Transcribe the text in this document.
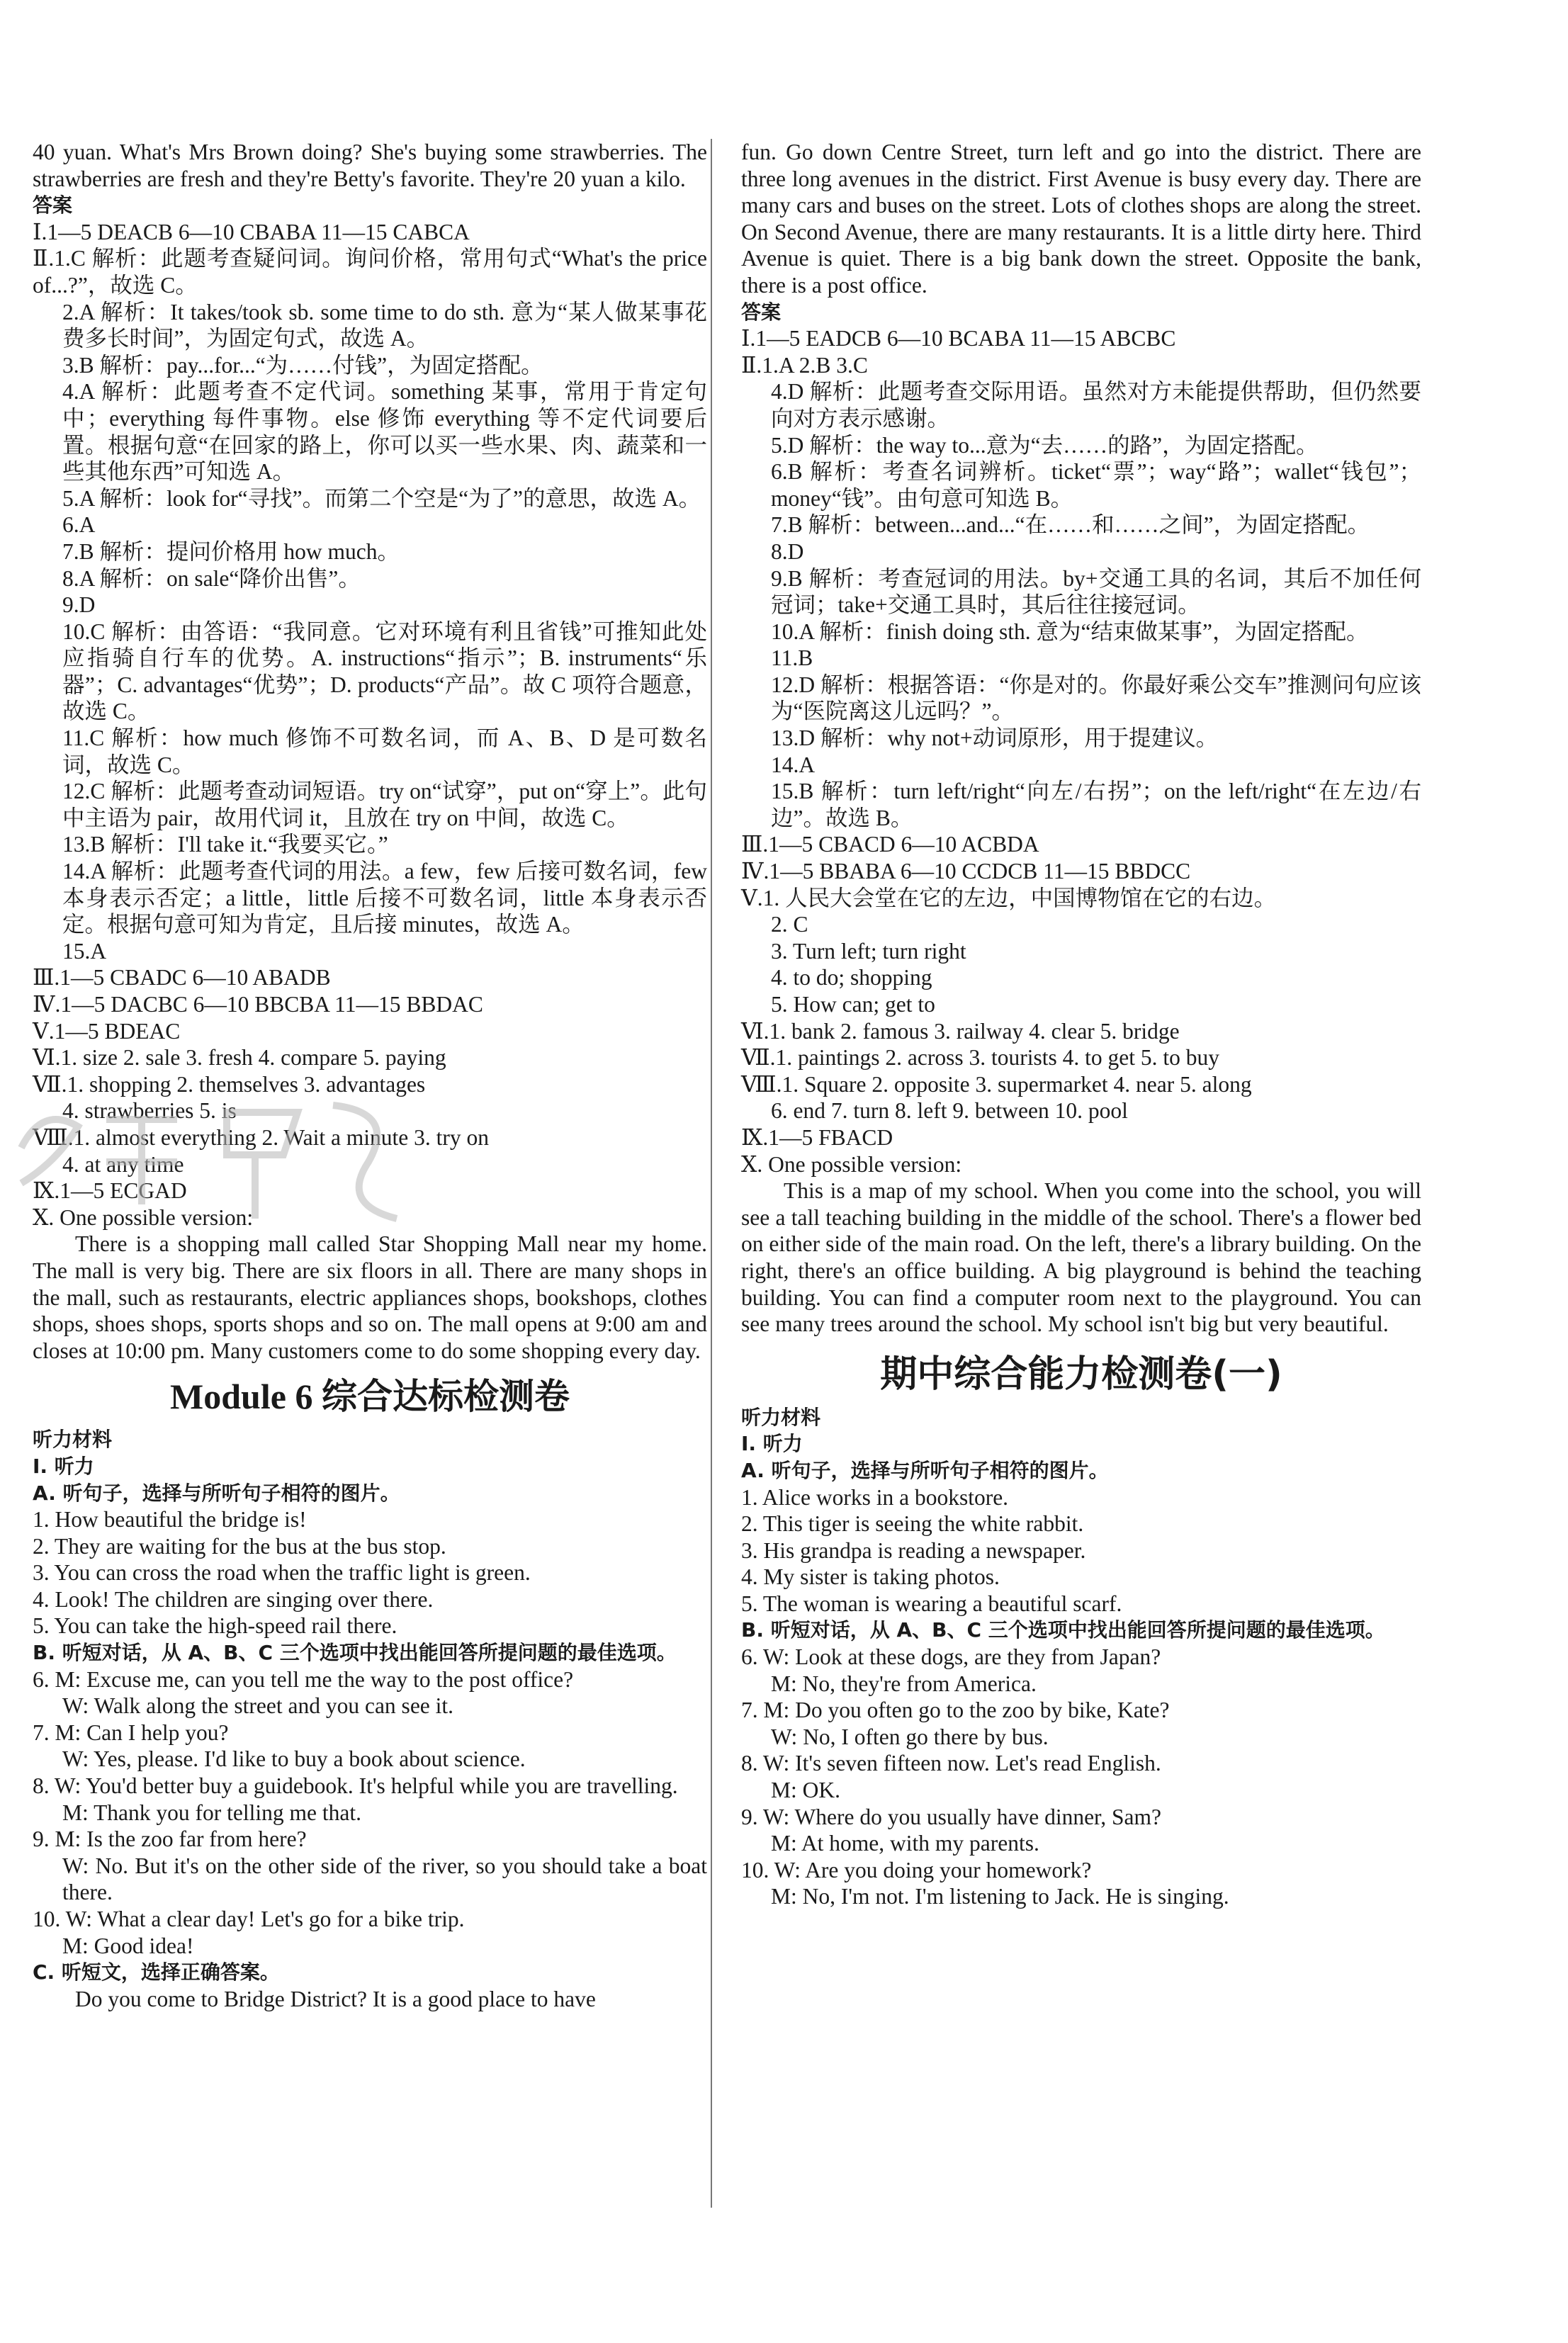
40 yuan. What's Mrs Brown doing? She's buying some strawberries. The strawberries are fresh and they're Betty's favorite. They're 20 yuan a kilo.
答案
Ⅰ.1—5 DEACB 6—10 CBABA 11—15 CABCA
Ⅱ.1.C 解析：此题考查疑问词。询问价格，常用句式“What's the price of...?”，故选 C。
2.A 解析：It takes/took sb. some time to do sth. 意为“某人做某事花费多长时间”，为固定句式，故选 A。
3.B 解析：pay...for...“为……付钱”，为固定搭配。
4.A 解析：此题考查不定代词。something 某事，常用于肯定句中；everything 每件事物。else 修饰 everything 等不定代词要后置。根据句意“在回家的路上，你可以买一些水果、肉、蔬菜和一些其他东西”可知选 A。
5.A 解析：look for“寻找”。而第二个空是“为了”的意思，故选 A。
6.A
7.B 解析：提问价格用 how much。
8.A 解析：on sale“降价出售”。
9.D
10.C 解析：由答语：“我同意。它对环境有利且省钱”可推知此处应指骑自行车的优势。A. instructions“指示”；B. instruments“乐器”；C. advantages“优势”；D. products“产品”。故 C 项符合题意，故选 C。
11.C 解析：how much 修饰不可数名词，而 A、B、D 是可数名词，故选 C。
12.C 解析：此题考查动词短语。try on“试穿”，put on“穿上”。此句中主语为 pair，故用代词 it，且放在 try on 中间，故选 C。
13.B 解析：I'll take it.“我要买它。”
14.A 解析：此题考查代词的用法。a few，few 后接可数名词，few 本身表示否定；a little，little 后接不可数名词，little 本身表示否定。根据句意可知为肯定，且后接 minutes，故选 A。
15.A
Ⅲ.1—5 CBADC 6—10 ABADB
Ⅳ.1—5 DACBC 6—10 BBCBA 11—15 BBDAC
Ⅴ.1—5 BDEAC
Ⅵ.1. size 2. sale 3. fresh 4. compare 5. paying
Ⅶ.1. shopping 2. themselves 3. advantages
4. strawberries 5. is
Ⅷ.1. almost everything 2. Wait a minute 3. try on
4. at any time
Ⅸ.1—5 ECGAD
Ⅹ. One possible version:
There is a shopping mall called Star Shopping Mall near my home. The mall is very big. There are six floors in all. There are many shops in the mall, such as restaurants, electric appliances shops, bookshops, clothes shops, shoes shops, sports shops and so on. The mall opens at 9:00 am and closes at 10:00 pm. Many customers come to do some shopping every day.
Module 6 综合达标检测卷
听力材料
Ⅰ. 听力
A. 听句子，选择与所听句子相符的图片。
1. How beautiful the bridge is!
2. They are waiting for the bus at the bus stop.
3. You can cross the road when the traffic light is green.
4. Look! The children are singing over there.
5. You can take the high-speed rail there.
B. 听短对话，从 A、B、C 三个选项中找出能回答所提问题的最佳选项。
6. M: Excuse me, can you tell me the way to the post office?
W: Walk along the street and you can see it.
7. M: Can I help you?
W: Yes, please. I'd like to buy a book about science.
8. W: You'd better buy a guidebook. It's helpful while you are travelling.
M: Thank you for telling me that.
9. M: Is the zoo far from here?
W: No. But it's on the other side of the river, so you should take a boat there.
10. W: What a clear day! Let's go for a bike trip.
M: Good idea!
C. 听短文，选择正确答案。
Do you come to Bridge District? It is a good place to have
fun. Go down Centre Street, turn left and go into the district. There are three long avenues in the district. First Avenue is busy every day. There are many cars and buses on the street. Lots of clothes shops are along the street. On Second Avenue, there are many restaurants. It is a little dirty here. Third Avenue is quiet. There is a big bank down the street. Opposite the bank, there is a post office.
答案
Ⅰ.1—5 EADCB 6—10 BCABA 11—15 ABCBC
Ⅱ.1.A 2.B 3.C
4.D 解析：此题考查交际用语。虽然对方未能提供帮助，但仍然要向对方表示感谢。
5.D 解析：the way to...意为“去……的路”，为固定搭配。
6.B 解析：考查名词辨析。ticket“票”；way“路”；wallet“钱包”；money“钱”。由句意可知选 B。
7.B 解析：between...and...“在……和……之间”，为固定搭配。
8.D
9.B 解析：考查冠词的用法。by+交通工具的名词，其后不加任何冠词；take+交通工具时，其后往往接冠词。
10.A 解析：finish doing sth. 意为“结束做某事”，为固定搭配。
11.B
12.D 解析：根据答语：“你是对的。你最好乘公交车”推测问句应该为“医院离这儿远吗？”。
13.D 解析：why not+动词原形，用于提建议。
14.A
15.B 解析：turn left/right“向左/右拐”；on the left/right“在左边/右边”。故选 B。
Ⅲ.1—5 CBACD 6—10 ACBDA
Ⅳ.1—5 BBABA 6—10 CCDCB 11—15 BBDCC
Ⅴ.1. 人民大会堂在它的左边，中国博物馆在它的右边。
2. C
3. Turn left; turn right
4. to do; shopping
5. How can; get to
Ⅵ.1. bank 2. famous 3. railway 4. clear 5. bridge
Ⅶ.1. paintings 2. across 3. tourists 4. to get 5. to buy
Ⅷ.1. Square 2. opposite 3. supermarket 4. near 5. along
6. end 7. turn 8. left 9. between 10. pool
Ⅸ.1—5 FBACD
Ⅹ. One possible version:
This is a map of my school. When you come into the school, you will see a tall teaching building in the middle of the school. There's a flower bed on either side of the main road. On the left, there's a library building. On the right, there's an office building. A big playground is behind the teaching building. You can find a computer room next to the playground. You can see many trees around the school. My school isn't big but very beautiful.
期中综合能力检测卷(一)
听力材料
Ⅰ. 听力
A. 听句子，选择与所听句子相符的图片。
1. Alice works in a bookstore.
2. This tiger is seeing the white rabbit.
3. His grandpa is reading a newspaper.
4. My sister is taking photos.
5. The woman is wearing a beautiful scarf.
B. 听短对话，从 A、B、C 三个选项中找出能回答所提问题的最佳选项。
6. W: Look at these dogs, are they from Japan?
M: No, they're from America.
7. M: Do you often go to the zoo by bike, Kate?
W: No, I often go there by bus.
8. W: It's seven fifteen now. Let's read English.
M: OK.
9. W: Where do you usually have dinner, Sam?
M: At home, with my parents.
10. W: Are you doing your homework?
M: No, I'm not. I'm listening to Jack. He is singing.
